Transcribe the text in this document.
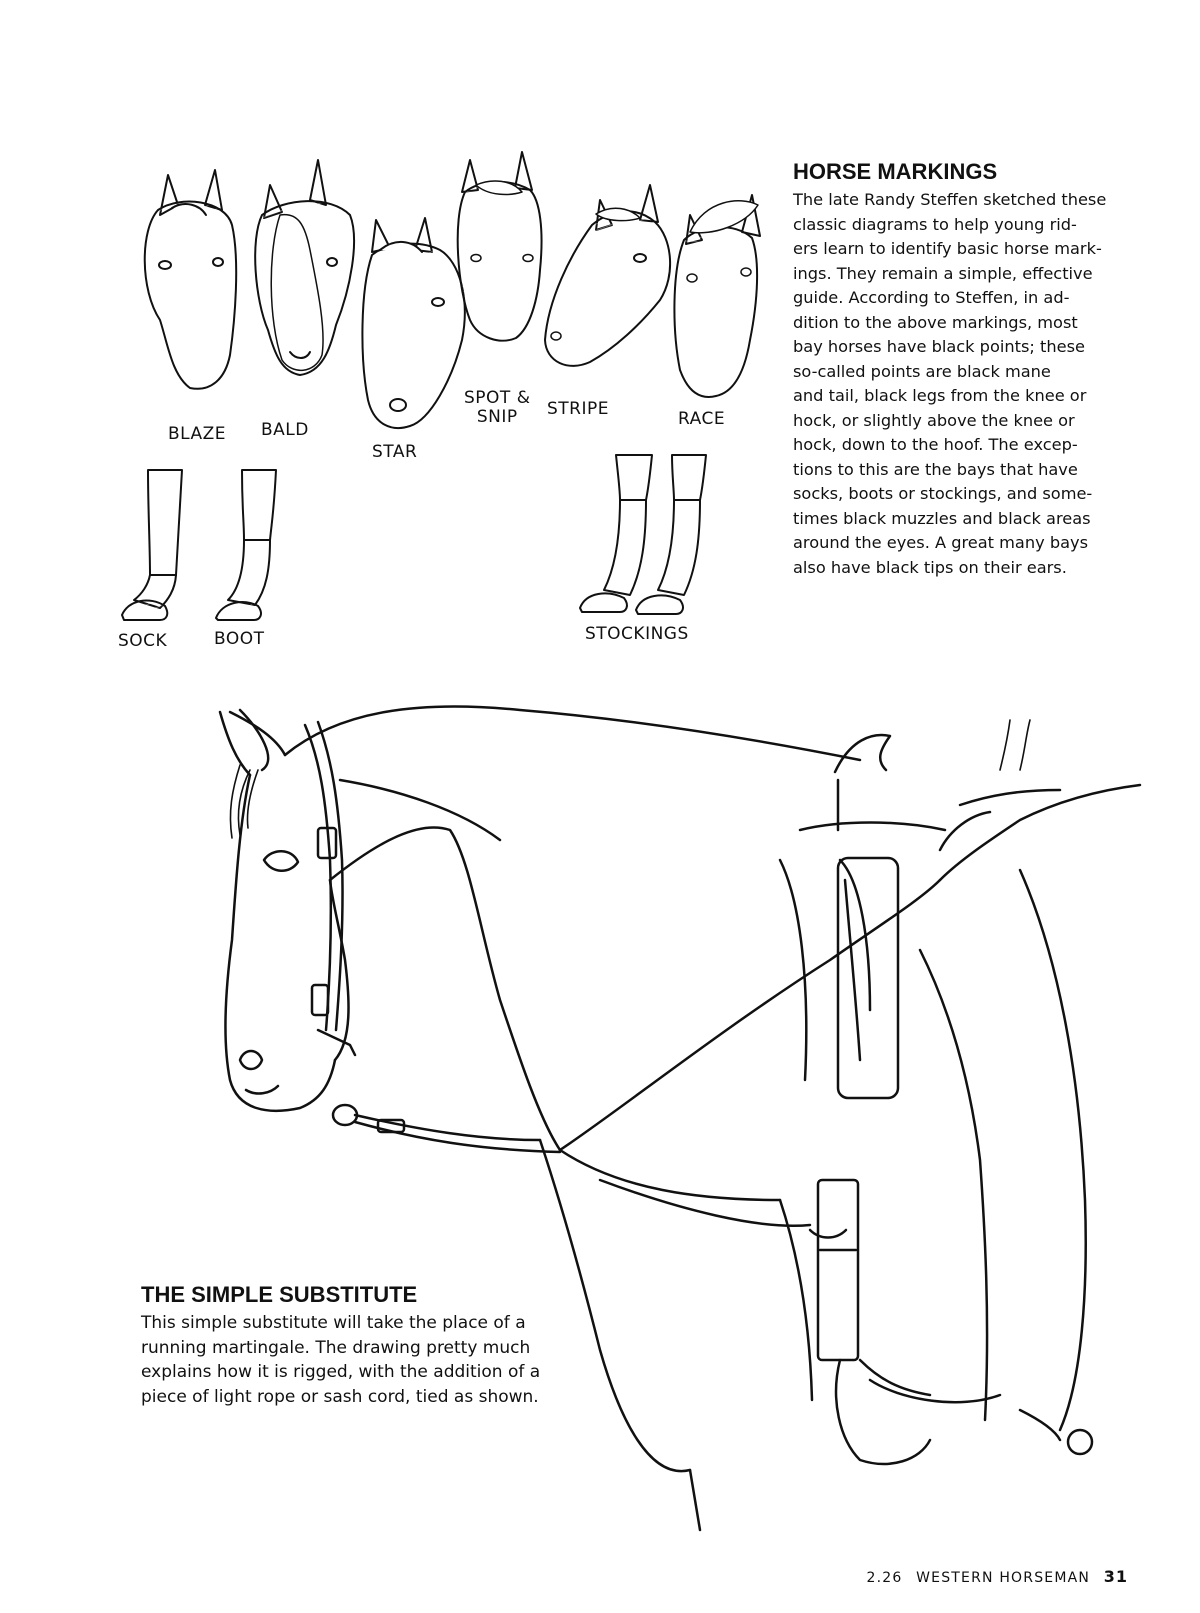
BLAZE BALD
STAR
SPOT &
SNIP	STRIPE	RACE
SOCK	BOOT	STOCKINGS
HORSE MARKINGS
The late Randy Steffen sketched these
classic diagrams to help young rid-
ers learn to identify basic horse mark-
ings. They remain a simple, effective
guide. According to Steffen, in ad-
dition to the above markings, most
bay horses have black points; these
so-called points are black mane
and tail, black legs from the knee or
hock, or slightly above the knee or
hock, down to the hoof. The excep-
tions to this are the bays that have
socks, boots or stockings, and some-
times black muzzles and black areas
around the eyes. A great many bays
also have black tips on their ears.
THE SIMPLE SUBSTITUTE
This simple substitute will take the place of a
running martingale. The drawing pretty much
explains how it is rigged, with the addition of a
piece of light rope or sash cord, tied as shown.
2.26 WESTERN HORSEMAN 31
